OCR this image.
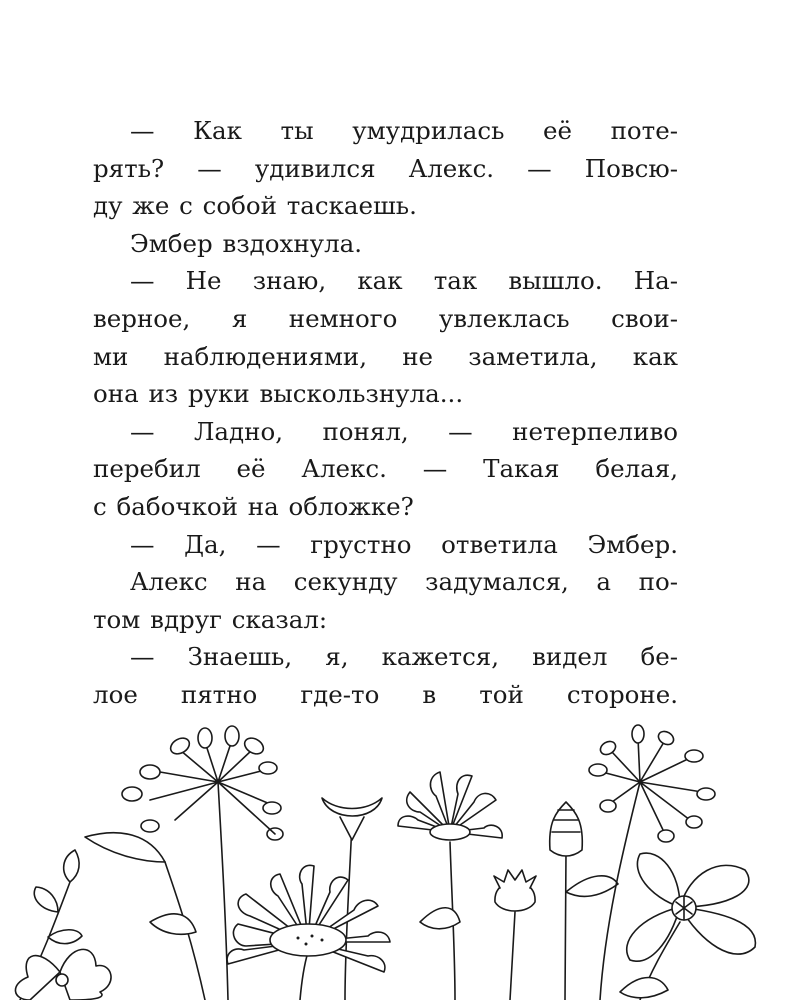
— Как ты умудрилась её поте-
рять? — удивился Алекс. — Повсю-
ду же с собой таскаешь.
Эмбер вздохнула.
— Не знаю, как так вышло. На-
верное, я немного увлеклась свои-
ми наблюдениями, не заметила, как
она из руки выскользнула...
— Ладно, понял, — нетерпеливо
перебил её Алекс. — Такая белая,
с бабочкой на обложке?
— Да, — грустно ответила Эмбер.
Алекс на секунду задумался, а по-
том вдруг сказал:
— Знаешь, я, кажется, видел бе-
лое пятно где-то в той стороне.
